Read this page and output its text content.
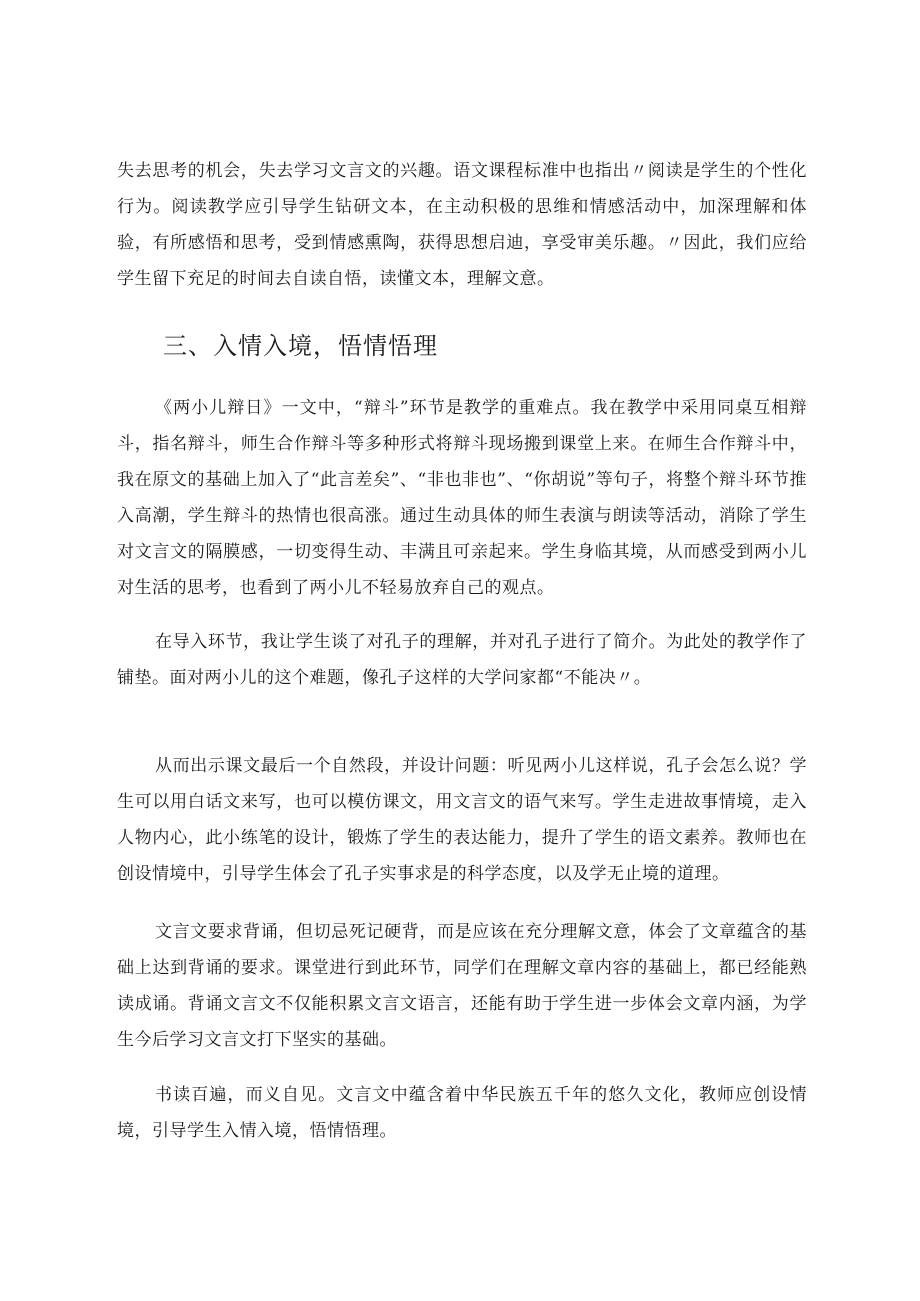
失去思考的机会，失去学习文言文的兴趣。语文课程标准中也指出〃阅读是学生的个性化行为。阅读教学应引导学生钻研文本，在主动积极的思维和情感活动中，加深理解和体验，有所感悟和思考，受到情感熏陶，获得思想启迪，享受审美乐趣。〃因此，我们应给学生留下充足的时间去自读自悟，读懂文本，理解文意。

三、入情入境，悟情悟理

《两小儿辩日》一文中，“辩斗”环节是教学的重难点。我在教学中采用同桌互相辩斗，指名辩斗，师生合作辩斗等多种形式将辩斗现场搬到课堂上来。在师生合作辩斗中，我在原文的基础上加入了“此言差矣”、“非也非也”、“你胡说”等句子，将整个辩斗环节推入高潮，学生辩斗的热情也很高涨。通过生动具体的师生表演与朗读等活动，消除了学生对文言文的隔膜感，一切变得生动、丰满且可亲起来。学生身临其境，从而感受到两小儿对生活的思考，也看到了两小儿不轻易放弃自己的观点。

在导入环节，我让学生谈了对孔子的理解，并对孔子进行了简介。为此处的教学作了铺垫。面对两小儿的这个难题，像孔子这样的大学问家都“不能决〃。

从而出示课文最后一个自然段，并设计问题：听见两小儿这样说，孔子会怎么说？学生可以用白话文来写，也可以模仿课文，用文言文的语气来写。学生走进故事情境，走入人物内心，此小练笔的设计，锻炼了学生的表达能力，提升了学生的语文素养。教师也在创设情境中，引导学生体会了孔子实事求是的科学态度，以及学无止境的道理。

文言文要求背诵，但切忌死记硬背，而是应该在充分理解文意，体会了文章蕴含的基础上达到背诵的要求。课堂进行到此环节，同学们在理解文章内容的基础上，都已经能熟读成诵。背诵文言文不仅能积累文言文语言，还能有助于学生进一步体会文章内涵，为学生今后学习文言文打下坚实的基础。

书读百遍，而义自见。文言文中蕴含着中华民族五千年的悠久文化，教师应创设情境，引导学生入情入境，悟情悟理。
